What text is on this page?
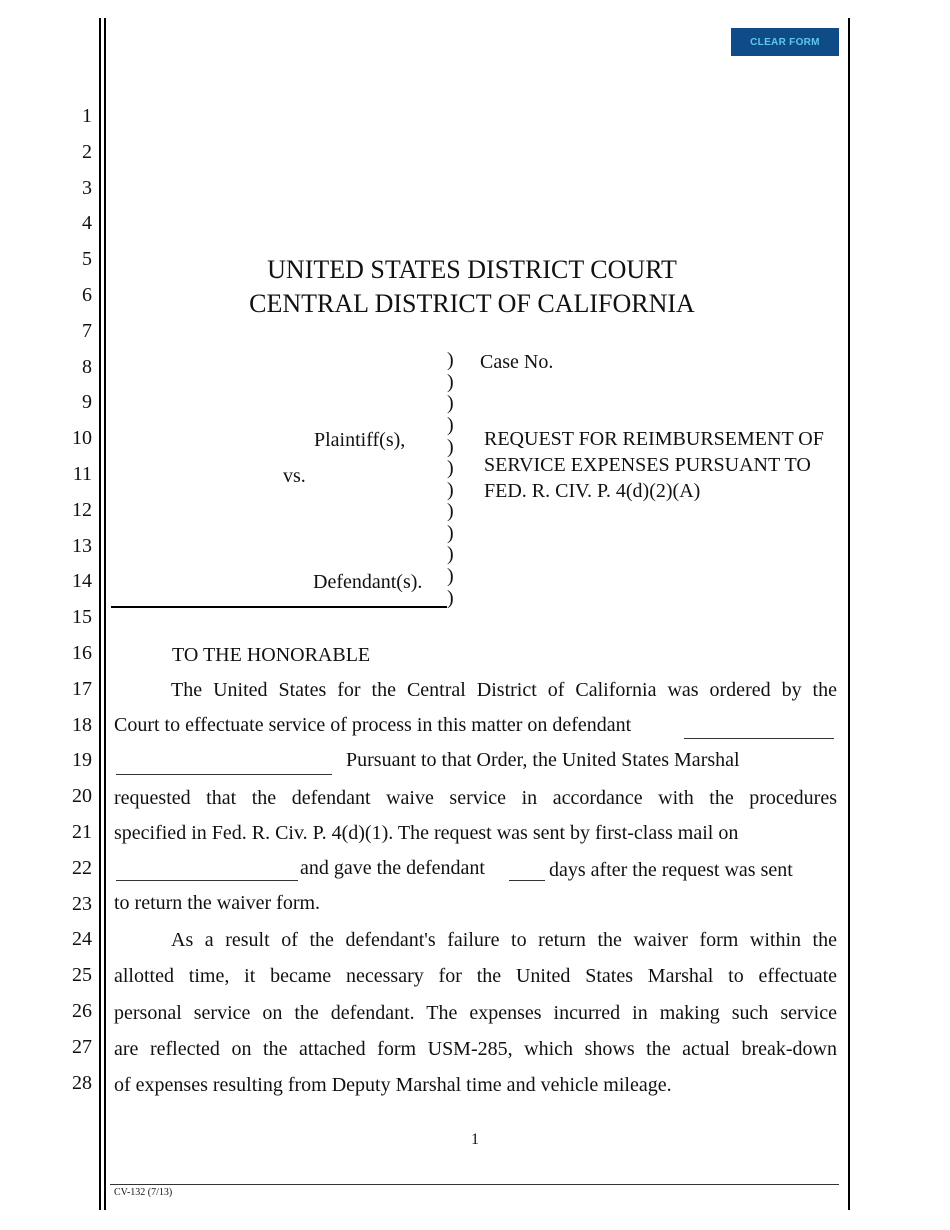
1
2
3
4
5
6
7
8
9
10
11
12
13
14
15
16
17
18
19
20
21
22
23
24
25
26
27
28
CLEAR FORM
UNITED STATES DISTRICT COURT
CENTRAL DISTRICT OF CALIFORNIA
Case No.
Plaintiff(s),
vs.
Defendant(s).
)
)
)
)
)
)
)
)
)
)
)
)
REQUEST FOR REIMBURSEMENT OF
SERVICE EXPENSES PURSUANT TO
FED. R. CIV. P. 4(d)(2)(A)
TO THE HONORABLE
The United States for the Central District of California was ordered by the
Court to effectuate service of process in this matter on defendant
Pursuant to that Order, the United States Marshal
requested that the defendant waive service in accordance with the procedures
specified in Fed. R. Civ. P. 4(d)(1). The request was sent by first-class mail on
and gave the defendant	days after the request was sent
to return the waiver form.
As a result of the defendant's failure to return the waiver form within the
allotted time, it became necessary for the United States Marshal to effectuate
personal service on the defendant. The expenses incurred in making such service
are reflected on the attached form USM-285, which shows the actual break-down
of expenses resulting from Deputy Marshal time and vehicle mileage.
1
CV-132 (7/13)
